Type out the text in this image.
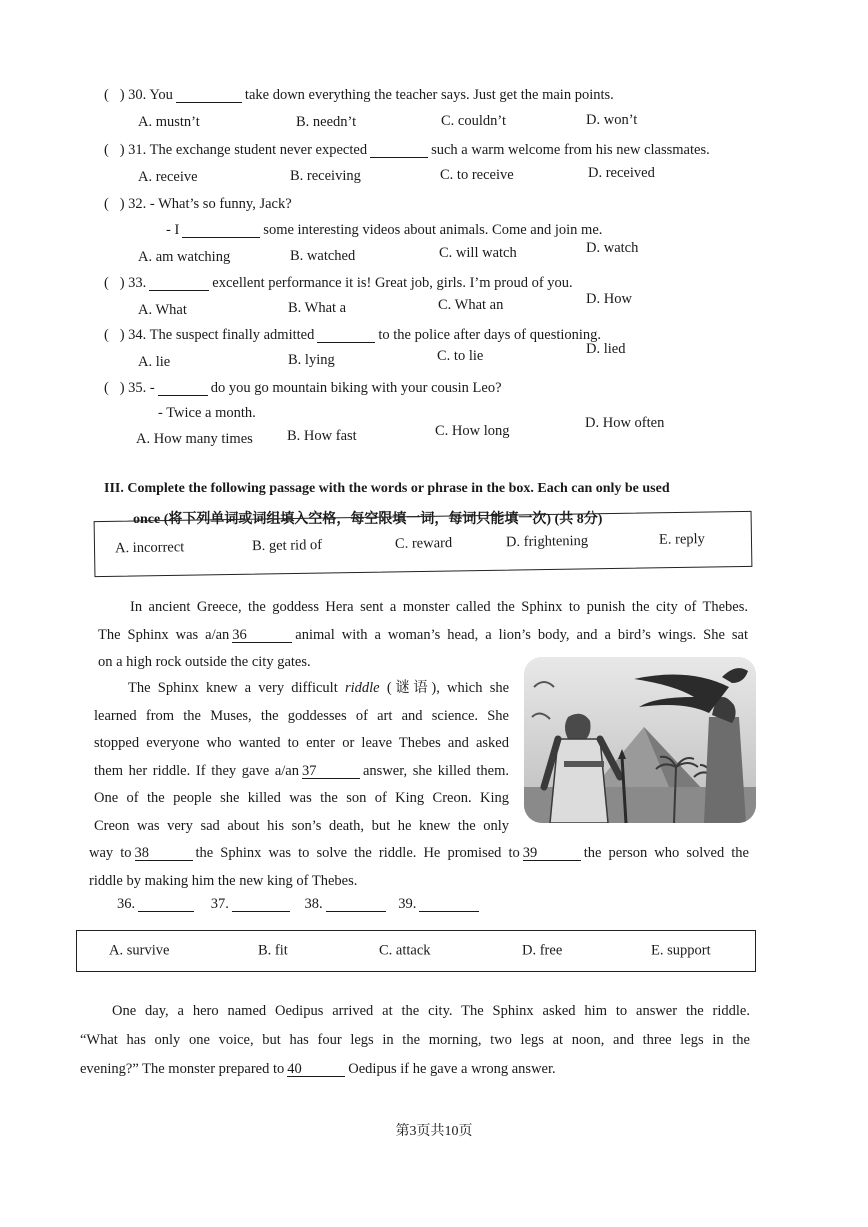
(   ) 30. You	take down everything the teacher says. Just get the main points.
A. mustn’t	B. needn’t	C. couldn’t	D. won’t
(   ) 31. The exchange student never expected	such a warm welcome from his new classmates.
A. receive	B. receiving	C. to receive	D. received
(   ) 32. - What’s so funny, Jack?
- I	some interesting videos about animals. Come and join me.
A. am watching	B. watched	C. will watch	D. watch
(   ) 33.	excellent performance it is! Great job, girls. I’m proud of you.
A. What	B. What a	C. What an	D. How
(   ) 34. The suspect finally admitted	to the police after days of questioning.
A. lie	B. lying	C. to lie	D. lied
(   ) 35. -	do you go mountain biking with your cousin Leo?
- Twice a month.
A. How many times B. How fast	C. How long	D. How often
III. Complete the following passage with the words or phrase in the box. Each can only be used
once (将下列单词或词组填入空格，每空限填一词，每词只能填一次) (共 8分)
A. incorrect	B. get rid of	C. reward	D. frightening	E. reply
In ancient Greece, the goddess Hera sent a monster called the Sphinx to punish the city of Thebes.
The Sphinx was a/an 36	animal with a woman’s head, a lion’s body, and a bird’s wings. She sat
on a high rock outside the city gates.
The Sphinx knew a very difficult riddle (谜语), which she
learned from the Muses, the goddesses of art and science. She
stopped everyone who wanted to enter or leave Thebes and asked
them her riddle. If they gave a/an 37	answer, she killed them.
One of the people she killed was the son of King Creon. King
Creon was very sad about his son’s death, but he knew the only
way to 38	the Sphinx was to solve the riddle. He promised to 39	the person who solved the
riddle by making him the new king of Thebes.
36.	37.	38.	39.
A. survive	B. fit	C. attack	D. free	E. support
One day, a hero named Oedipus arrived at the city. The Sphinx asked him to answer the riddle.
“What has only one voice, but has four legs in the morning, two legs at noon, and three legs in the
evening?” The monster prepared to 40	Oedipus if he gave a wrong answer.
第3页共10页
